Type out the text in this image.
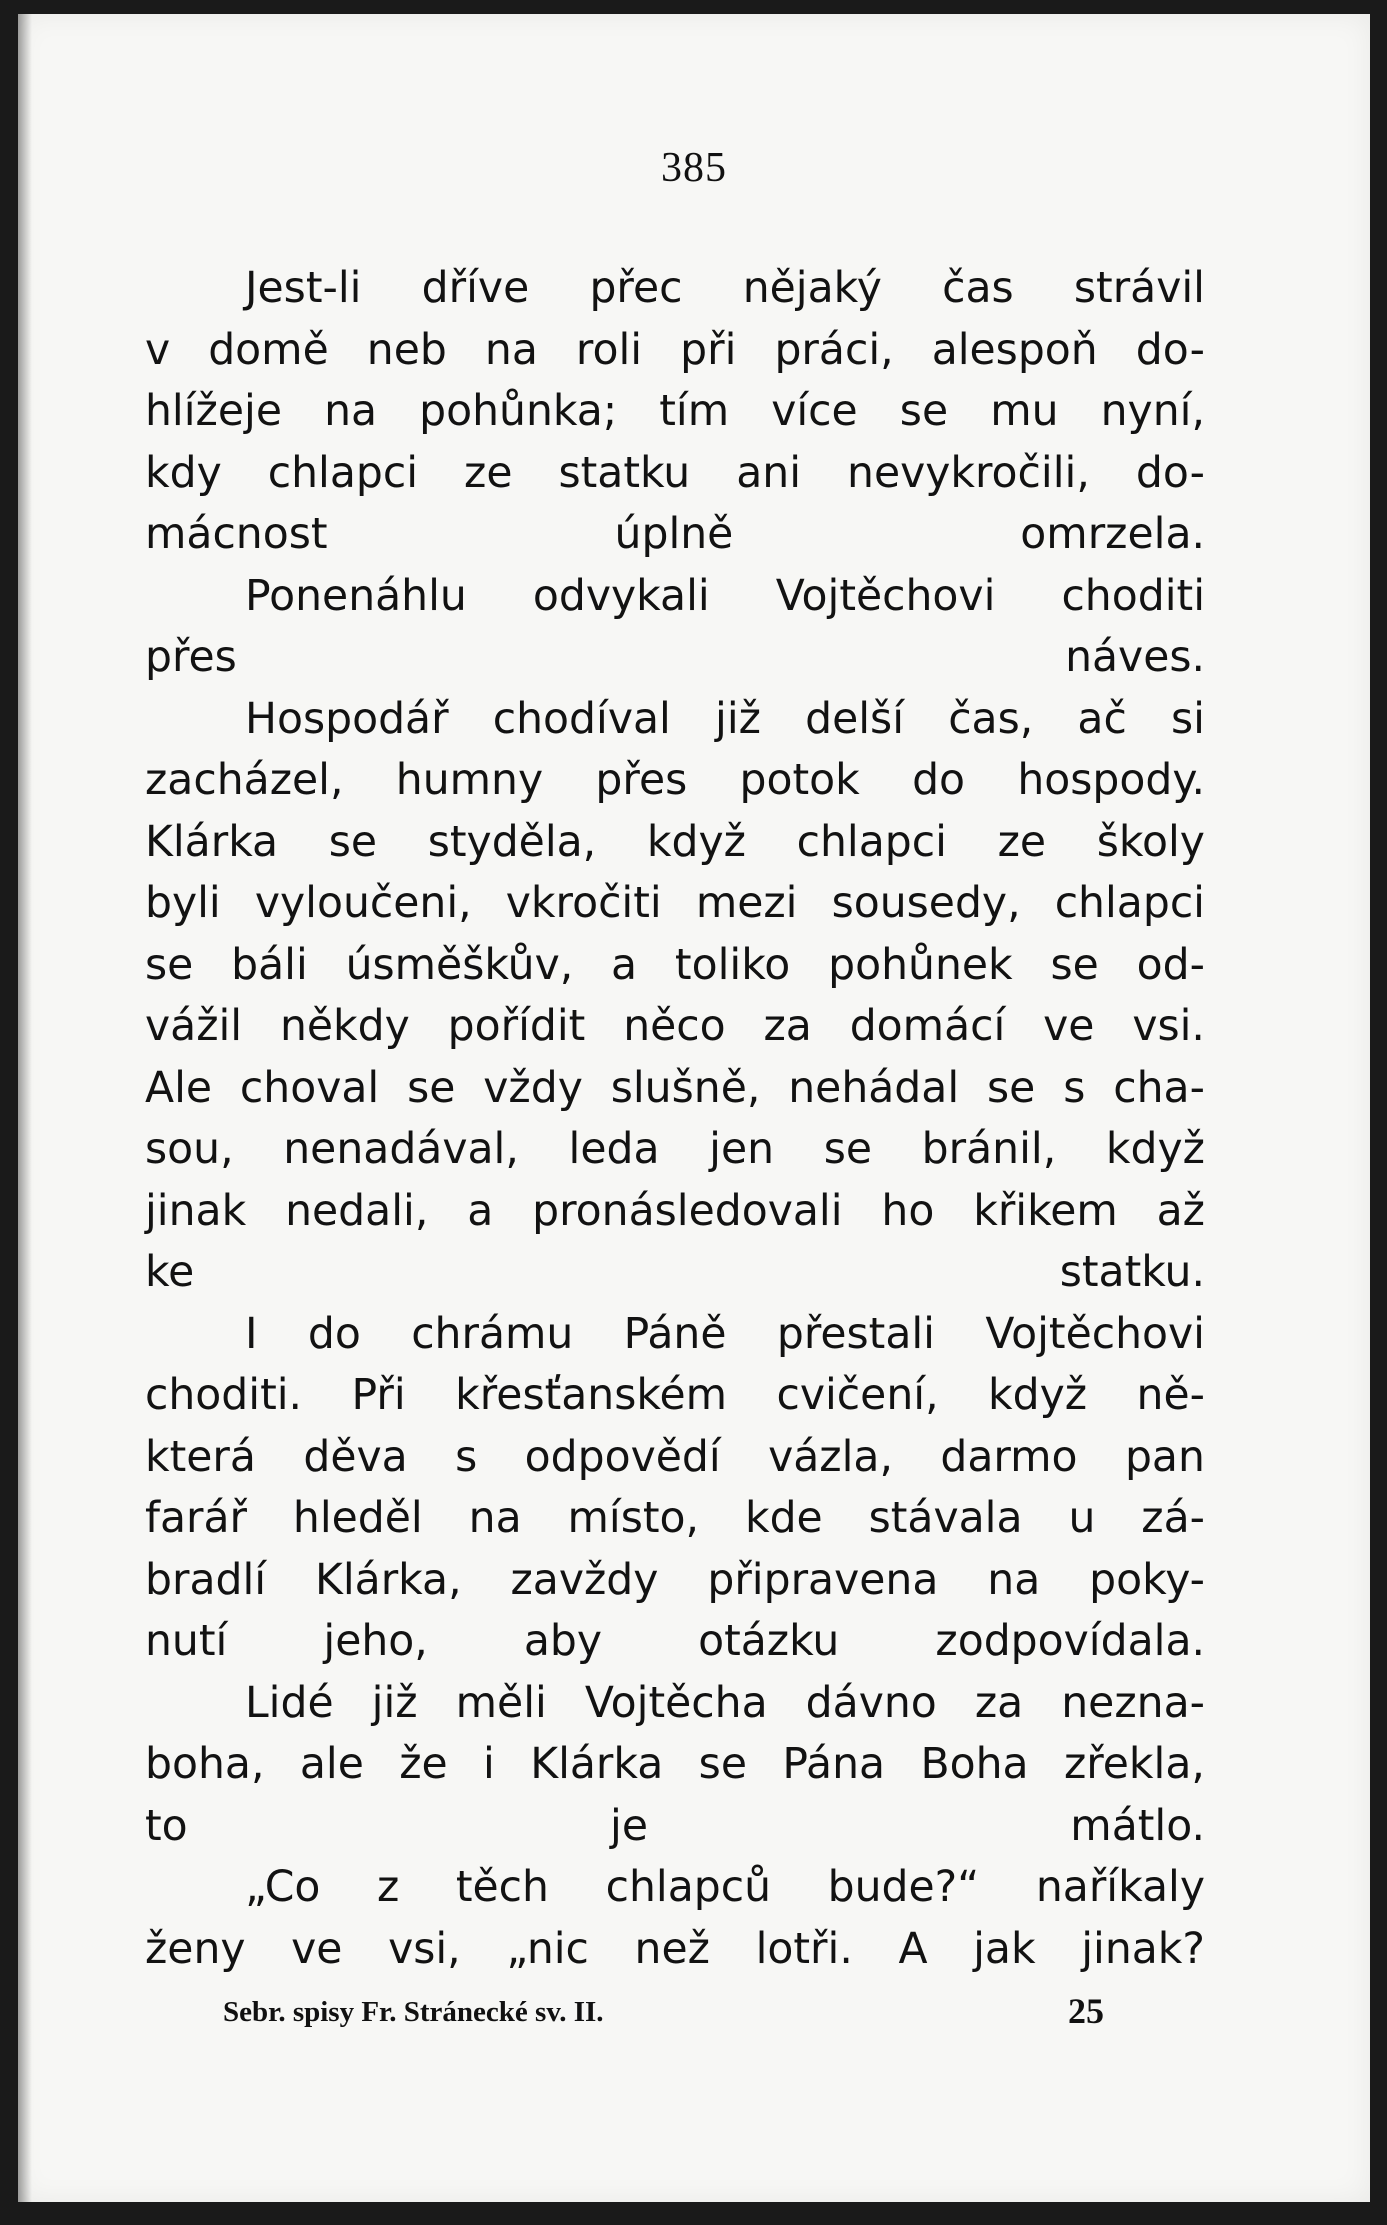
385
Jest-li dříve přec nějaký čas strávil
v domě neb na roli při práci, alespoň do-
hlížeje na pohůnka; tím více se mu nyní,
kdy chlapci ze statku ani nevykročili, do-
mácnost úplně omrzela.
Ponenáhlu odvykali Vojtěchovi choditi
přes náves.
Hospodář chodíval již delší čas, ač si
zacházel, humny přes potok do hospody.
Klárka se styděla, když chlapci ze školy
byli vyloučeni, vkročiti mezi sousedy, chlapci
se báli úsměškův, a toliko pohůnek se od-
vážil někdy pořídit něco za domácí ve vsi.
Ale choval se vždy slušně, nehádal se s cha-
sou, nenadával, leda jen se bránil, když
jinak nedali, a pronásledovali ho křikem až
ke statku.
I do chrámu Páně přestali Vojtěchovi
choditi. Při křesťanském cvičení, když ně-
která děva s odpovědí vázla, darmo pan
farář hleděl na místo, kde stávala u zá-
bradlí Klárka, zavždy připravena na poky-
nutí jeho, aby otázku zodpovídala.
Lidé již měli Vojtěcha dávno za nezna-
boha, ale že i Klárka se Pána Boha zřekla,
to je mátlo.
„Co z těch chlapců bude?“ naříkaly
ženy ve vsi, „nic než lotři. A jak jinak?
Sebr. spisy Fr. Stránecké sv. II.	25
